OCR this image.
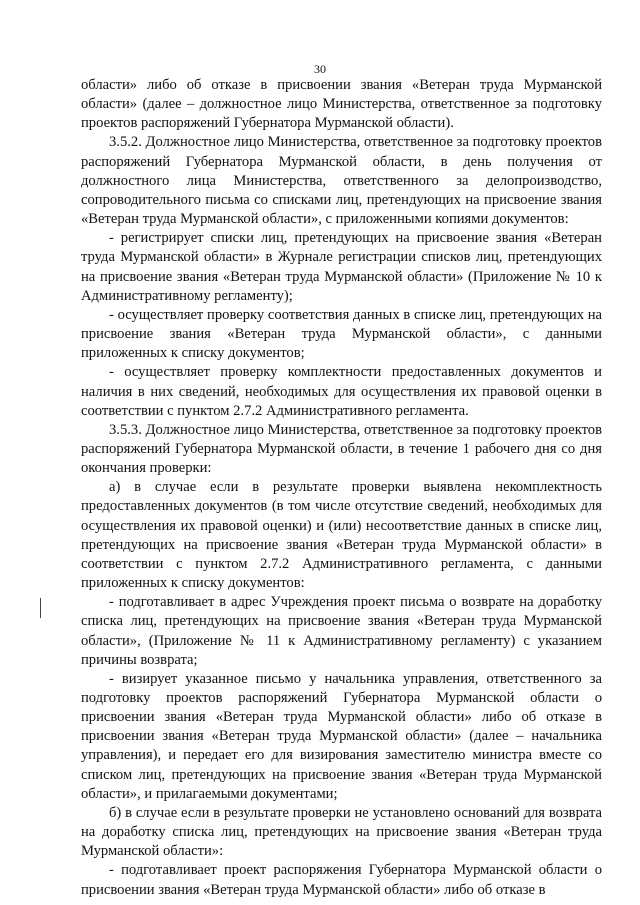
30

области» либо об отказе в присвоении звания «Ветеран труда Мурманской области» (далее – должностное лицо Министерства, ответственное за подготовку проектов распоряжений Губернатора Мурманской области).

3.5.2. Должностное лицо Министерства, ответственное за подготовку проектов распоряжений Губернатора Мурманской области, в день получения от должностного лица Министерства, ответственного за делопроизводство, сопроводительного письма со списками лиц, претендующих на присвоение звания «Ветеран труда Мурманской области», с приложенными копиями документов:

- регистрирует списки лиц, претендующих на присвоение звания «Ветеран труда Мурманской области» в Журнале регистрации списков лиц, претендующих на присвоение звания «Ветеран труда Мурманской области» (Приложение № 10 к Административному регламенту);

- осуществляет проверку соответствия данных в списке лиц, претендующих на присвоение звания «Ветеран труда Мурманской области», с данными приложенных к списку документов;

- осуществляет проверку комплектности предоставленных документов и наличия в них сведений, необходимых для осуществления их правовой оценки в соответствии с пунктом 2.7.2 Административного регламента.

3.5.3. Должностное лицо Министерства, ответственное за подготовку проектов распоряжений Губернатора Мурманской области, в течение 1 рабочего дня со дня окончания проверки:

а) в случае если в результате проверки выявлена некомплектность предоставленных документов (в том числе отсутствие сведений, необходимых для осуществления их правовой оценки) и (или) несоответствие данных в списке лиц, претендующих на присвоение звания «Ветеран труда Мурманской области» в соответствии с пунктом 2.7.2 Административного регламента, с данными приложенных к списку документов:

- подготавливает в адрес Учреждения проект письма о возврате на доработку списка лиц, претендующих на присвоение звания «Ветеран труда Мурманской области», (Приложение № 11 к Административному регламенту) с указанием причины возврата;

- визирует указанное письмо у начальника управления, ответственного за подготовку проектов распоряжений Губернатора Мурманской области о присвоении звания «Ветеран труда Мурманской области» либо об отказе в присвоении звания «Ветеран труда Мурманской области» (далее – начальника управления), и передает его для визирования заместителю министра вместе со списком лиц, претендующих на присвоение звания «Ветеран труда Мурманской области», и прилагаемыми документами;

б) в случае если в результате проверки не установлено оснований для возврата на доработку списка лиц, претендующих на присвоение звания «Ветеран труда Мурманской области»:

- подготавливает проект распоряжения Губернатора Мурманской области о присвоении звания «Ветеран труда Мурманской области» либо об отказе в
